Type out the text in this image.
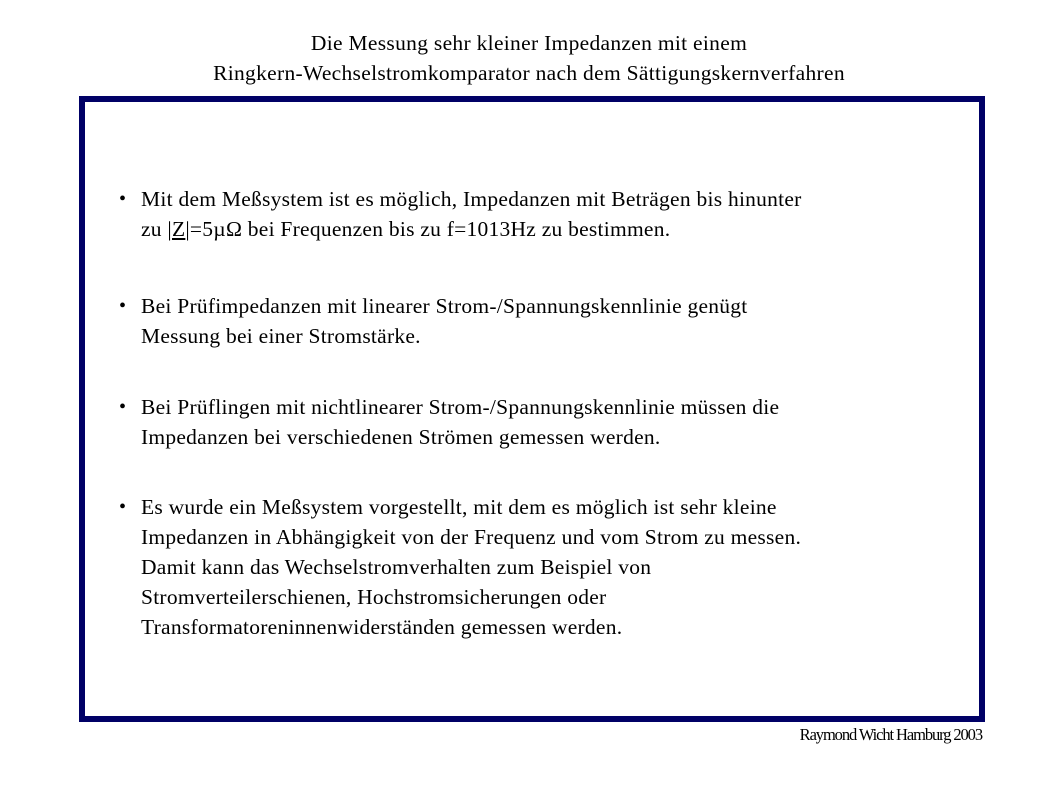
Die Messung sehr kleiner Impedanzen mit einem
Ringkern-Wechselstromkomparator nach dem Sättigungskernverfahren
• Mit dem Meßsystem ist es möglich, Impedanzen mit Beträgen bis hinunter
zu |Z|=5µΩ bei Frequenzen bis zu f=1013Hz zu bestimmen.
• Bei Prüfimpedanzen mit linearer Strom-/Spannungskennlinie genügt
Messung bei einer Stromstärke.
• Bei Prüflingen mit nichtlinearer Strom-/Spannungskennlinie müssen die
Impedanzen bei verschiedenen Strömen gemessen werden.
• Es wurde ein Meßsystem vorgestellt, mit dem es möglich ist sehr kleine
Impedanzen in Abhängigkeit von der Frequenz und vom Strom zu messen.
Damit kann das Wechselstromverhalten zum Beispiel von
Stromverteilerschienen, Hochstromsicherungen oder
Transformatoreninnenwiderständen gemessen werden.
Raymond Wicht Hamburg 2003
